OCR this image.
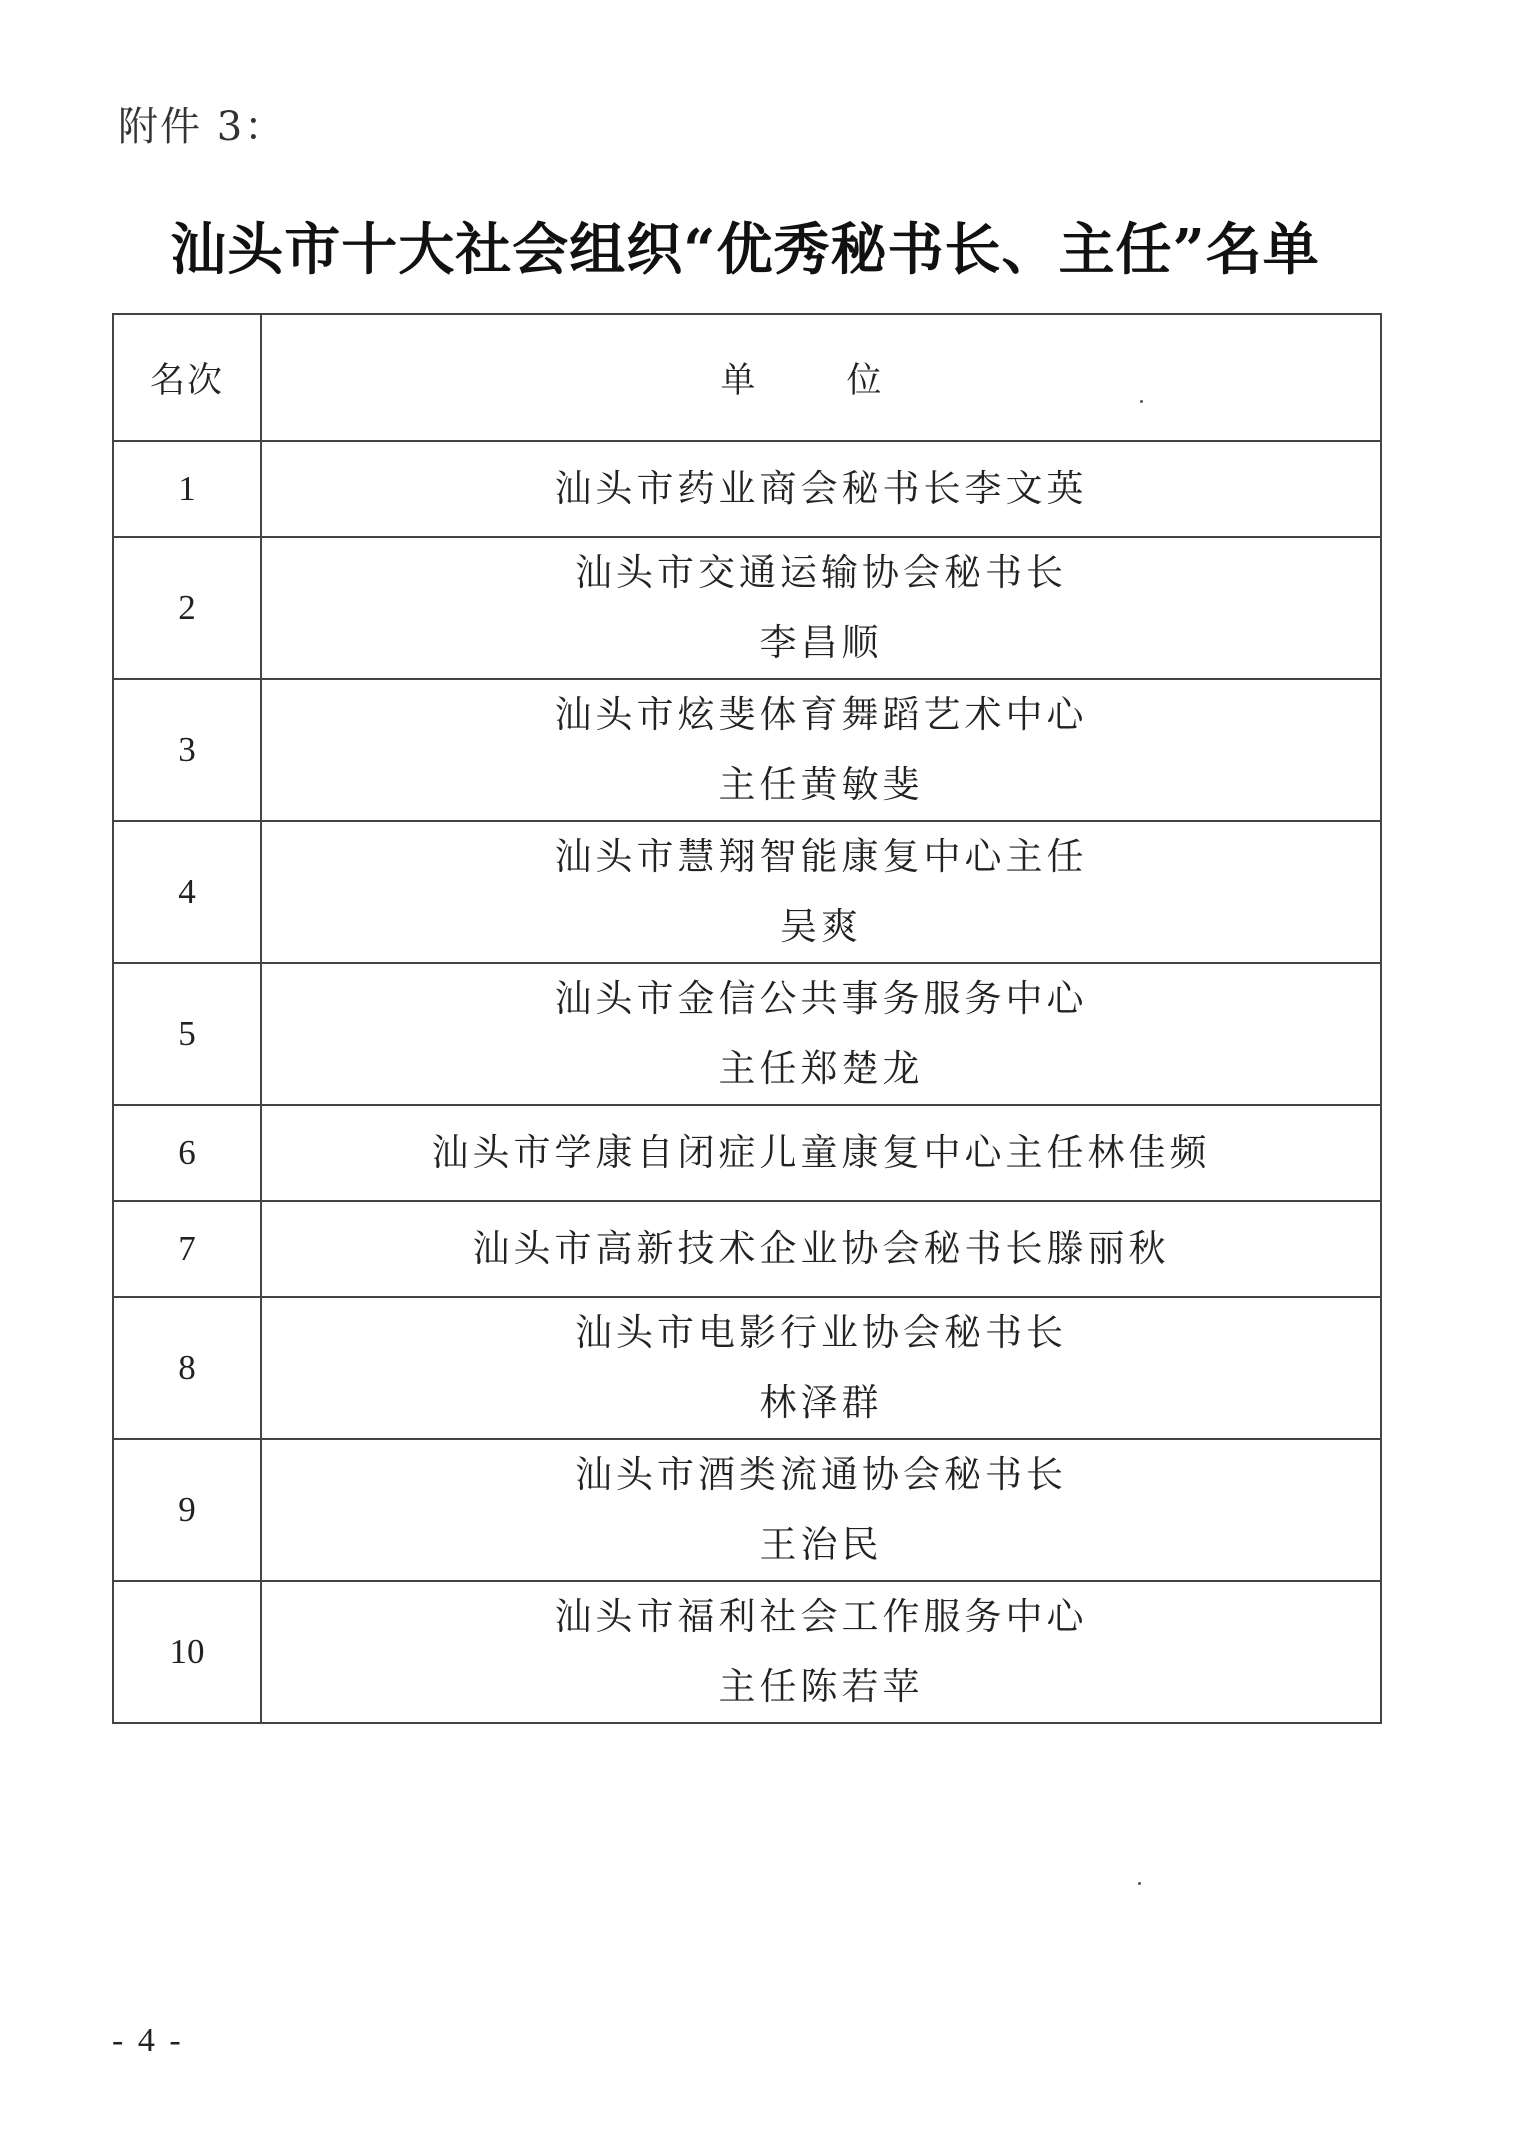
附件 3：
汕头市十大社会组织“优秀秘书长、主任”名单
名次	单 位
1	汕头市药业商会秘书长李文英

2	汕头市交通运输协会秘书长
李昌顺

3	汕头市炫斐体育舞蹈艺术中心
主任黄敏斐

4	汕头市慧翔智能康复中心主任
吴爽

5	汕头市金信公共事务服务中心
主任郑楚龙

6	汕头市学康自闭症儿童康复中心主任林佳频

7	汕头市高新技术企业协会秘书长滕丽秋

8	汕头市电影行业协会秘书长
林泽群

9	汕头市酒类流通协会秘书长
王治民

10	汕头市福利社会工作服务中心
主任陈若苹
- 4 -
